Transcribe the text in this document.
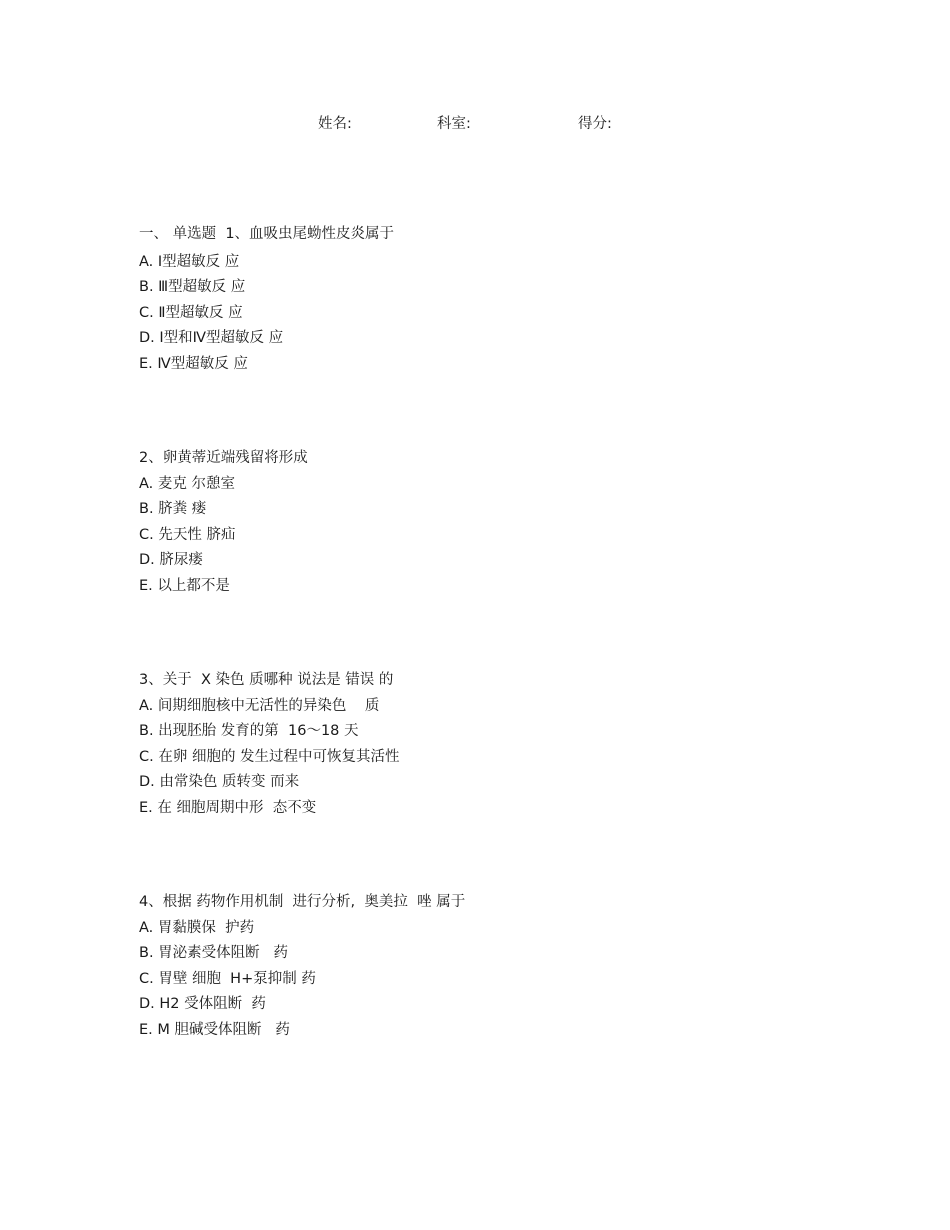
姓名:	科室:	得分:
一、 单选题 1、血吸虫尾蚴性皮炎属于
A. Ⅰ型超敏反 应
B. Ⅲ型超敏反 应
C. Ⅱ型超敏反 应
D. Ⅰ型和Ⅳ型超敏反 应
E. Ⅳ型超敏反 应
2、卵黄蒂近端残留将形成
A. 麦克 尔憩室
B. 脐粪 瘘
C. 先天性 脐疝
D. 脐尿瘘
E. 以上都不是
3、关于  X 染色 质哪种 说法是 错误 的
A. 间期细胞核中无活性的异染色    质
B. 出现胚胎 发育的第  16～18 天
C. 在卵 细胞的 发生过程中可恢复其活性
D. 由常染色 质转变 而来
E. 在 细胞周期中形  态不变
4、根据 药物作用机制  进行分析,  奥美拉  唑 属于
A. 胃黏膜保  护药
B. 胃泌素受体阻断   药
C. 胃壁 细胞  H+泵抑制 药
D. H2 受体阻断  药
E. M 胆碱受体阻断   药
